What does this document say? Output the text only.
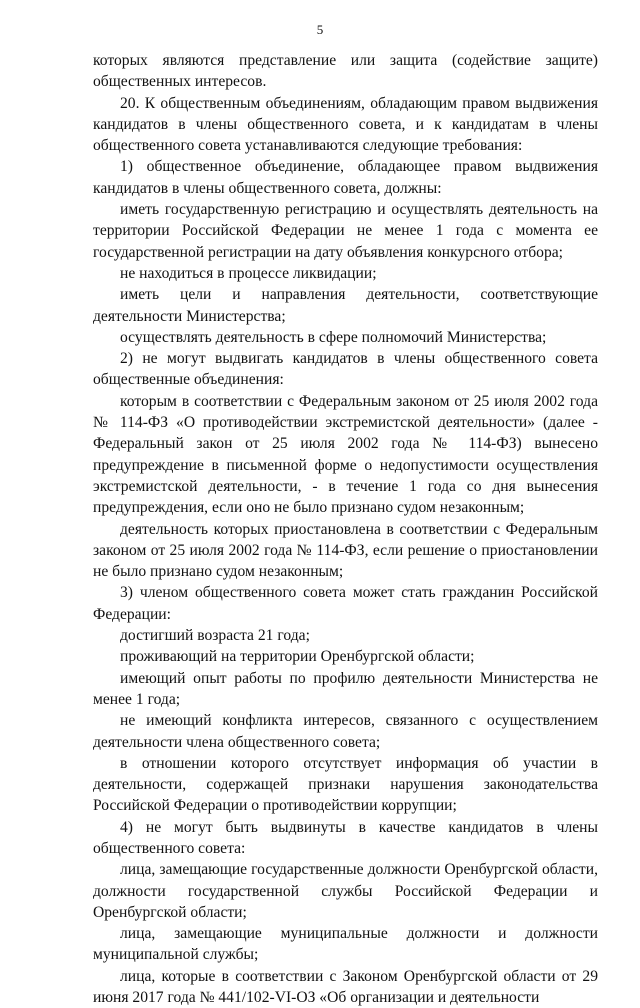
5

которых являются представление или защита (содействие защите) общественных интересов.

20. К общественным объединениям, обладающим правом выдвижения кандидатов в члены общественного совета, и к кандидатам в члены общественного совета устанавливаются следующие требования:

1) общественное объединение, обладающее правом выдвижения кандидатов в члены общественного совета, должны:

иметь государственную регистрацию и осуществлять деятельность на территории Российской Федерации не менее 1 года с момента ее государственной регистрации на дату объявления конкурсного отбора;

не находиться в процессе ликвидации;

иметь цели и направления деятельности, соответствующие деятельности Министерства;

осуществлять деятельность в сфере полномочий Министерства;

2) не могут выдвигать кандидатов в члены общественного совета общественные объединения:

которым в соответствии с Федеральным законом от 25 июля 2002 года № 114-ФЗ «О противодействии экстремистской деятельности» (далее - Федеральный закон от 25 июля 2002 года № 114-ФЗ) вынесено предупреждение в письменной форме о недопустимости осуществления экстремистской деятельности, - в течение 1 года со дня вынесения предупреждения, если оно не было признано судом незаконным;

деятельность которых приостановлена в соответствии с Федеральным законом от 25 июля 2002 года № 114-ФЗ, если решение о приостановлении не было признано судом незаконным;

3) членом общественного совета может стать гражданин Российской Федерации:

достигший возраста 21 года;

проживающий на территории Оренбургской области;

имеющий опыт работы по профилю деятельности Министерства не менее 1 года;

не имеющий конфликта интересов, связанного с осуществлением деятельности члена общественного совета;

в отношении которого отсутствует информация об участии в деятельности, содержащей признаки нарушения законодательства Российской Федерации о противодействии коррупции;

4) не могут быть выдвинуты в качестве кандидатов в члены общественного совета:

лица, замещающие государственные должности Оренбургской области, должности государственной службы Российской Федерации и Оренбургской области;

лица, замещающие муниципальные должности и должности муниципальной службы;

лица, которые в соответствии с Законом Оренбургской области от 29 июня 2017 года № 441/102-VI-ОЗ «Об организации и деятельности
